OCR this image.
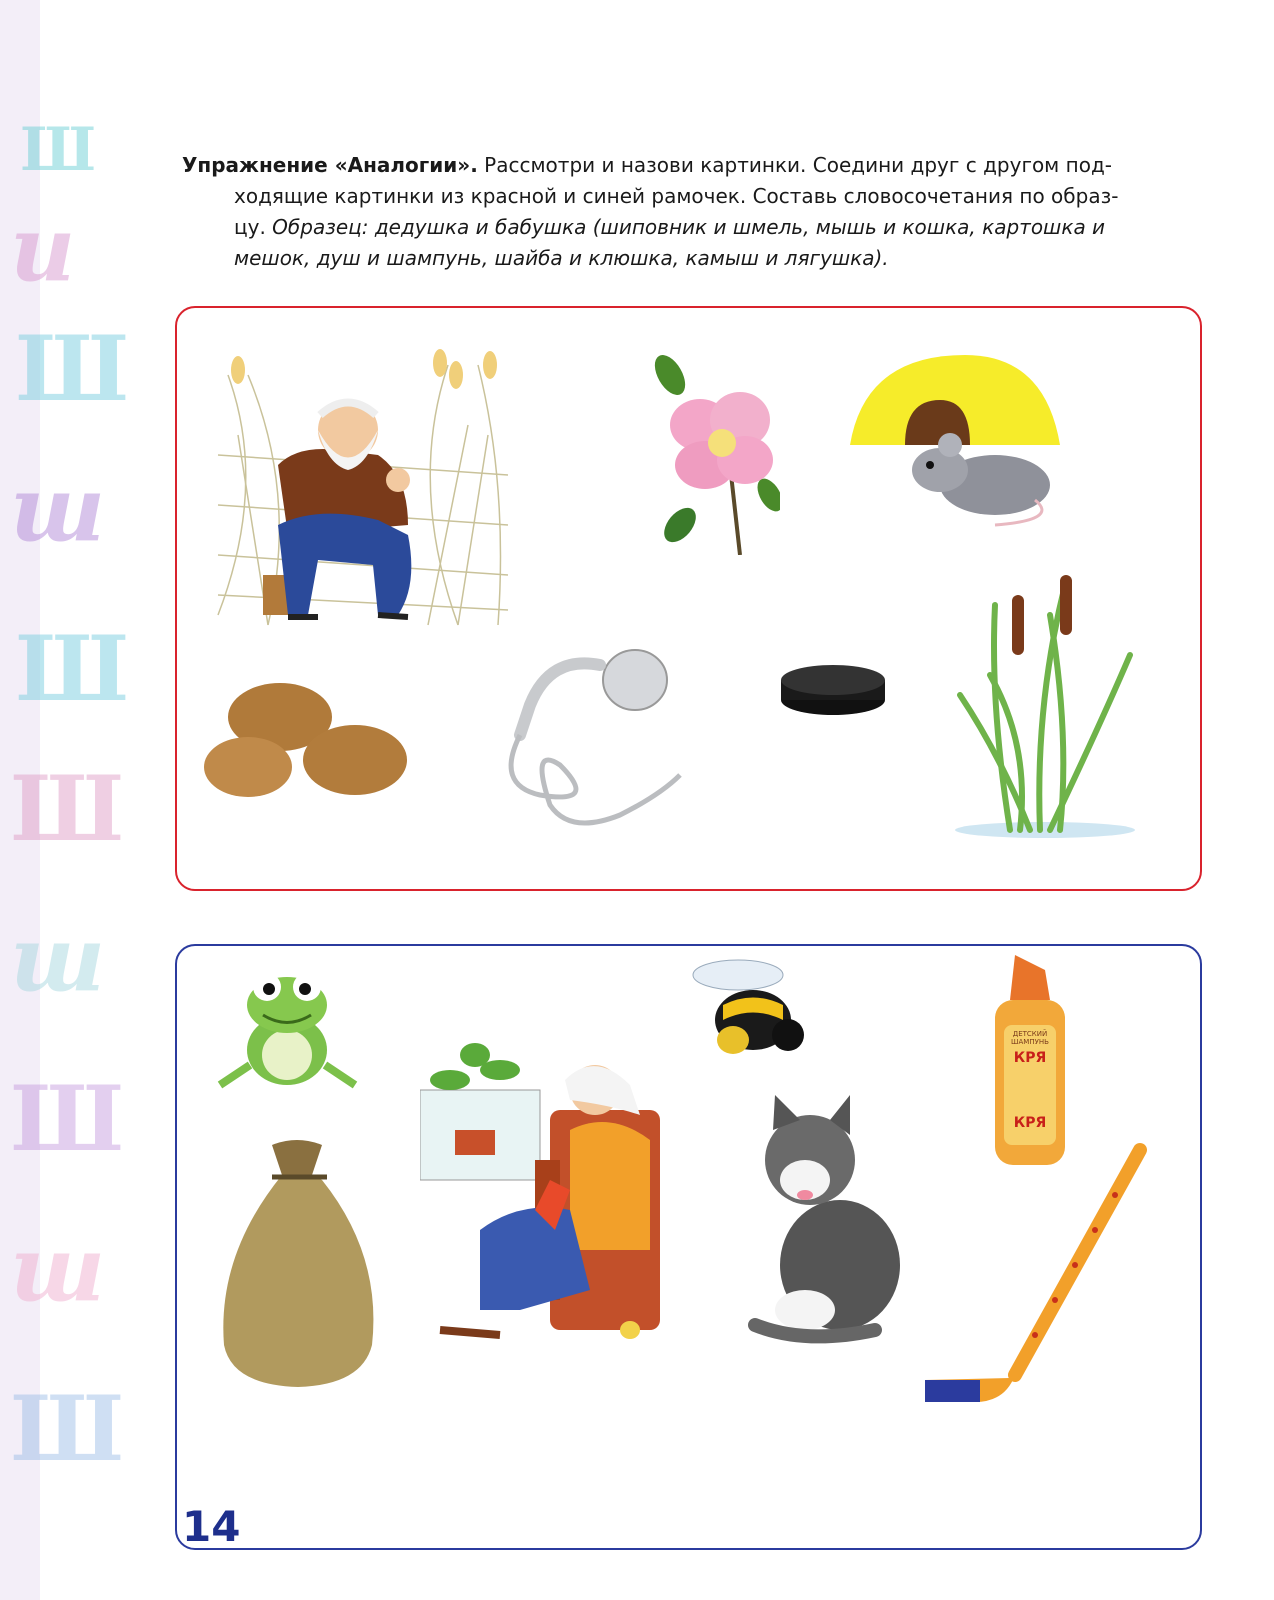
Ш
и
Ш
ш
Ш
Ш
ш
Ш
ш
Ш

Упражнение «Аналогии». Рассмотри и назови картинки. Соедини друг с другом под-

ходящие картинки из красной и синей рамочек. Составь словосочетания по образ-
цу. Образец: дедушка и бабушка (шиповник и шмель, мышь и кошка, картошка и
мешок, душ и шампунь, шайба и клюшка, камыш и лягушка).

ДЕТСКИЙ ШАМПУНЬ
КРЯ
КРЯ
14
